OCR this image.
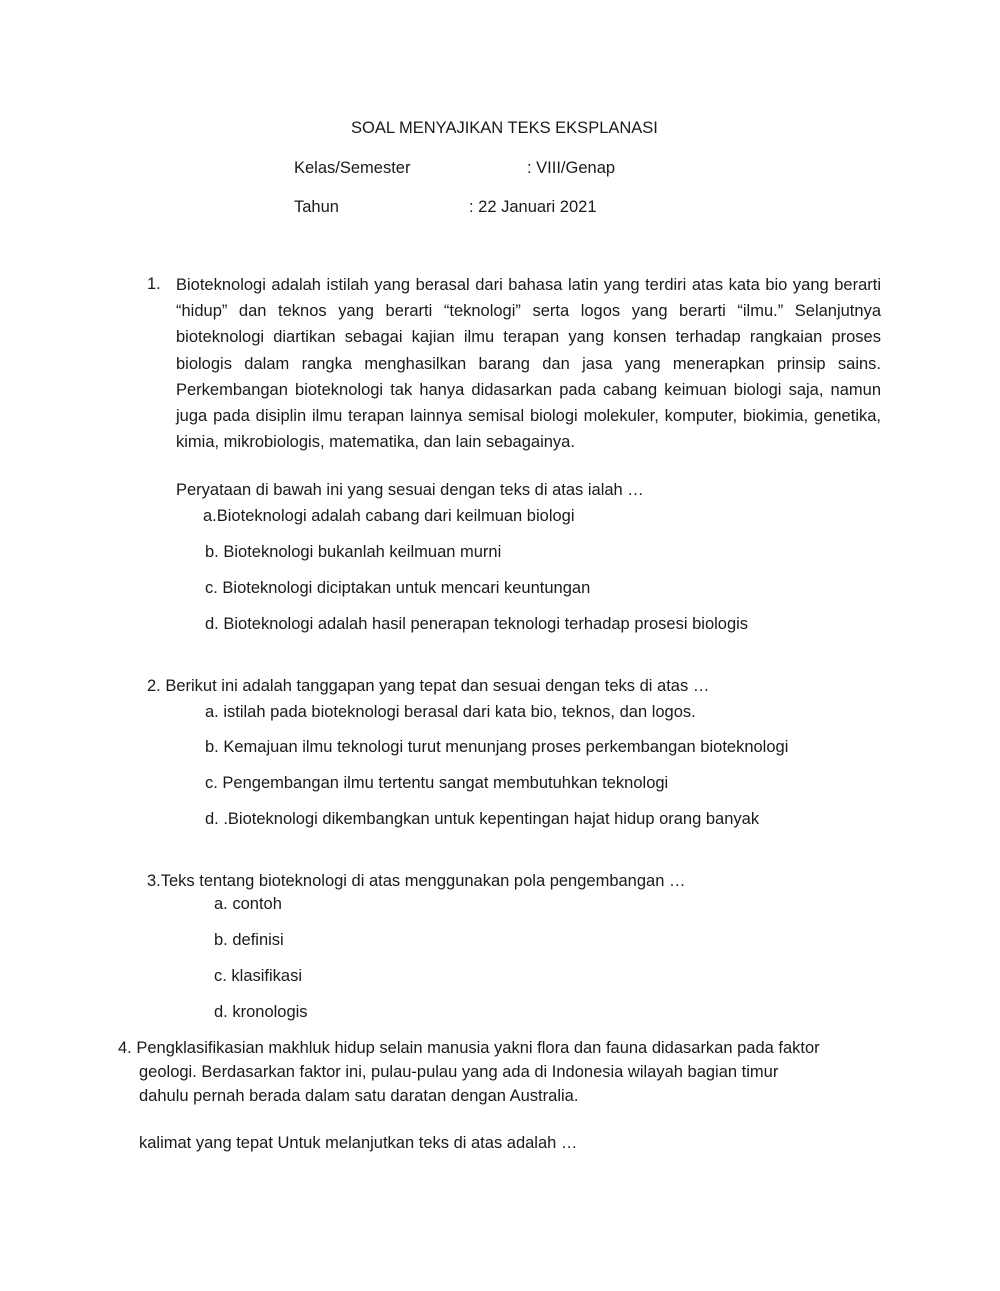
SOAL MENYAJIKAN TEKS EKSPLANASI
Kelas/Semester	: VIII/Genap
Tahun	: 22 Januari 2021
1. Bioteknologi adalah istilah yang berasal dari bahasa latin yang terdiri atas kata bio yang berarti “hidup” dan teknos yang berarti “teknologi” serta logos yang berarti “ilmu.” Selanjutnya bioteknologi diartikan sebagai kajian ilmu terapan yang konsen terhadap rangkaian proses biologis dalam rangka menghasilkan barang dan jasa yang menerapkan prinsip sains. Perkembangan bioteknologi tak hanya didasarkan pada cabang keimuan biologi saja, namun juga pada disiplin ilmu terapan lainnya semisal biologi molekuler, komputer, biokimia, genetika, kimia, mikrobiologis, matematika, dan lain sebagainya.
Peryataan di bawah ini yang sesuai dengan teks di atas ialah …
a.Bioteknologi adalah cabang dari keilmuan biologi
b. Bioteknologi bukanlah keilmuan murni
c. Bioteknologi diciptakan untuk mencari keuntungan
d. Bioteknologi adalah hasil penerapan teknologi terhadap prosesi biologis
2. Berikut ini adalah tanggapan yang tepat dan sesuai dengan teks di atas …
a. istilah pada bioteknologi berasal dari kata bio, teknos, dan logos.
b. Kemajuan ilmu teknologi turut menunjang proses perkembangan bioteknologi
c. Pengembangan ilmu tertentu sangat membutuhkan teknologi
d. .Bioteknologi dikembangkan untuk kepentingan hajat hidup orang banyak
3.Teks tentang bioteknologi di atas menggunakan pola pengembangan …
a. contoh
b. definisi
c. klasifikasi
d. kronologis
4. Pengklasifikasian makhluk hidup selain manusia yakni flora dan fauna didasarkan pada faktor
geologi. Berdasarkan faktor ini, pulau-pulau yang ada di Indonesia wilayah bagian timur
dahulu pernah berada dalam satu daratan dengan Australia.
kalimat yang tepat Untuk melanjutkan teks di atas adalah …
